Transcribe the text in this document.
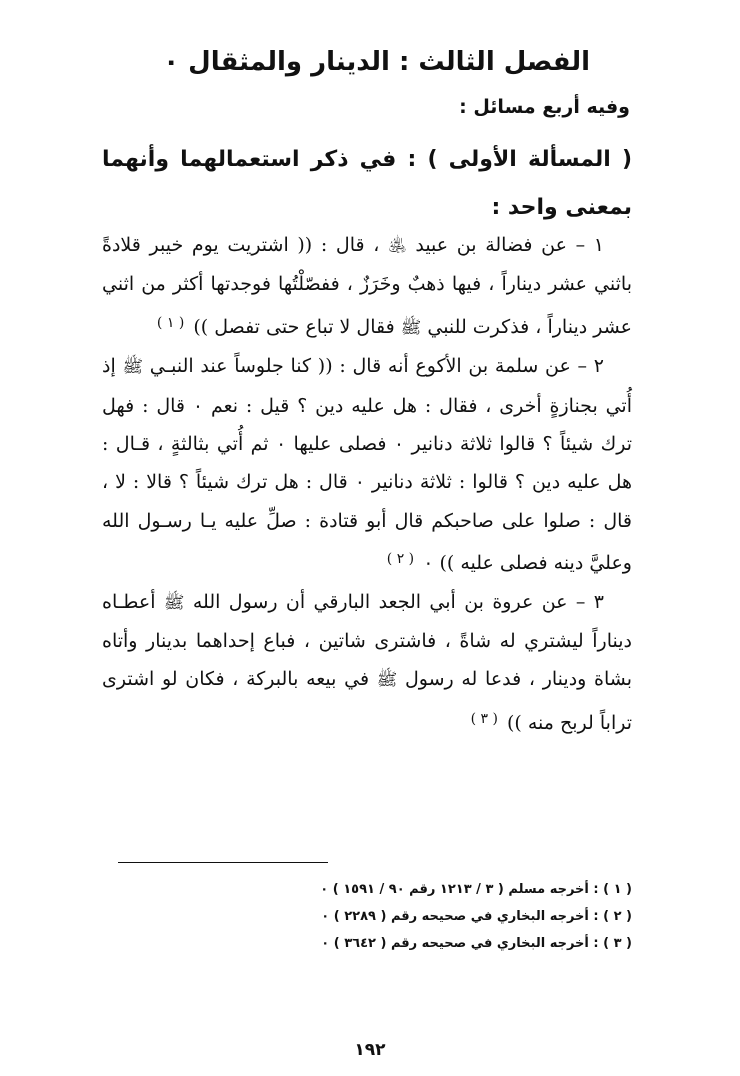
الفصل الثالث : الدينار والمثقال ٠
وفيه أربع مسائل :
( المسألة الأولى ) : في ذكر استعمالهما وأنهما بمعنى واحد :

١ – عن فضالة بن عبيد ﵁ ، قال : (( اشتريت يوم خيبر قلادةً باثني عشر ديناراً ، فيها ذهبٌ وخَرَزٌ ، ففصّلْتُها فوجدتها أكثر من اثني عشر ديناراً ، فذكرت للنبي ﷺ فقال لا تباع حتى تفصل )) $^{( ١ )}$

٢ – عن سلمة بن الأكوع أنه قال : (( كنا جلوساً عند النبـي ﷺ إذ أُتي بجنازةٍ أخرى ، فقال : هل عليه دين ؟ قيل : نعم ٠ قال : فهل ترك شيئاً ؟ قالوا ثلاثة دنانير ٠ فصلى عليها ٠ ثم أُتي بثالثةٍ ، قـال : هل عليه دين ؟ قالوا : ثلاثة دنانير ٠ قال : هل ترك شيئاً ؟ قالا : لا ، قال : صلوا على صاحبكم قال أبو قتادة : صلِّ عليه يـا رسـول الله وعليَّ دينه فصلى عليه )) ٠ $^{( ٢ )}$

٣ – عن عروة بن أبي الجعد البارقي أن رسول الله ﷺ أعطـاه ديناراً ليشتري له شاةً ، فاشترى شاتين ، فباع إحداهما بدينار وأتاه بشاة ودينار ، فدعا له رسول ﷺ في بيعه بالبركة ، فكان لو اشترى تراباً لربح منه )) $^{( ٣ )}$

( ١ ) : أخرجه مسلم ( ٣ / ١٢١٣ رقم ٩٠ / ١٥٩١ ) ٠
( ٢ ) : أخرجه البخاري في صحيحه رقم ( ٢٢٨٩ ) ٠
( ٣ ) : أخرجه البخاري في صحيحه رقم ( ٣٦٤٢ ) ٠
١٩٢
